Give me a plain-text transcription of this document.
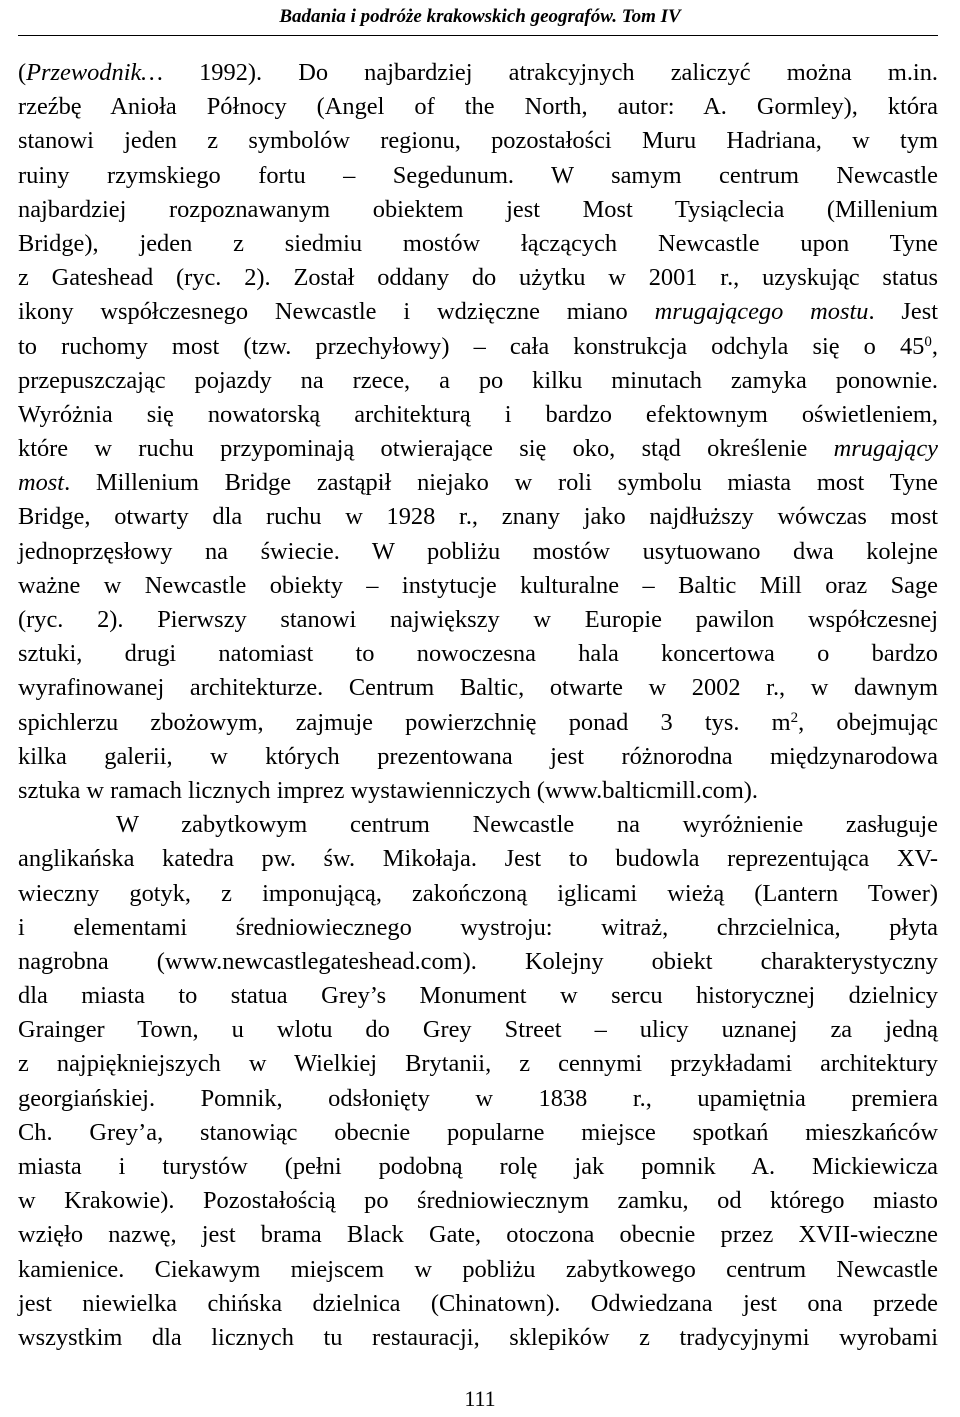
Badania i podróże krakowskich geografów. Tom IV
(Przewodnik… 1992). Do najbardziej atrakcyjnych zaliczyć można m.in.
rzeźbę Anioła Północy (Angel of the North, autor: A. Gormley), która
stanowi jeden z symbolów regionu, pozostałości Muru Hadriana, w tym
ruiny rzymskiego fortu – Segedunum. W samym centrum Newcastle
najbardziej rozpoznawanym obiektem jest Most Tysiąclecia (Millenium
Bridge), jeden z siedmiu mostów łączących Newcastle upon Tyne
z Gateshead (ryc. 2). Został oddany do użytku w 2001 r., uzyskując status
ikony współczesnego Newcastle i wdzięczne miano mrugającego mostu. Jest
to ruchomy most (tzw. przechyłowy) – cała konstrukcja odchyla się o $45^0$,
przepuszczając pojazdy na rzece, a po kilku minutach zamyka ponownie.
Wyróżnia się nowatorską architekturą i bardzo efektownym oświetleniem,
które w ruchu przypominają otwierające się oko, stąd określenie mrugający
most. Millenium Bridge zastąpił niejako w roli symbolu miasta most Tyne
Bridge, otwarty dla ruchu w 1928 r., znany jako najdłuższy wówczas most
jednoprzęsłowy na świecie. W pobliżu mostów usytuowano dwa kolejne
ważne w Newcastle obiekty – instytucje kulturalne – Baltic Mill oraz Sage
(ryc. 2). Pierwszy stanowi największy w Europie pawilon współczesnej
sztuki, drugi natomiast to nowoczesna hala koncertowa o bardzo
wyrafinowanej architekturze. Centrum Baltic, otwarte w 2002 r., w dawnym
spichlerzu zbożowym, zajmuje powierzchnię ponad 3 tys. $m^2$, obejmując
kilka galerii, w których prezentowana jest różnorodna międzynarodowa
sztuka w ramach licznych imprez wystawienniczych (www.balticmill.com).
W zabytkowym centrum Newcastle na wyróżnienie zasługuje
anglikańska katedra pw. św. Mikołaja. Jest to budowla reprezentująca XV-
wieczny gotyk, z imponującą, zakończoną iglicami wieżą (Lantern Tower)
i elementami średniowiecznego wystroju: witraż, chrzcielnica, płyta
nagrobna (www.newcastlegateshead.com). Kolejny obiekt charakterystyczny
dla miasta to statua Grey’s Monument w sercu historycznej dzielnicy
Grainger Town, u wlotu do Grey Street – ulicy uznanej za jedną
z najpiękniejszych w Wielkiej Brytanii, z cennymi przykładami architektury
georgiańskiej. Pomnik, odsłonięty w 1838 r., upamiętnia premiera
Ch. Grey’a, stanowiąc obecnie popularne miejsce spotkań mieszkańców
miasta i turystów (pełni podobną rolę jak pomnik A. Mickiewicza
w Krakowie). Pozostałością po średniowiecznym zamku, od którego miasto
wzięło nazwę, jest brama Black Gate, otoczona obecnie przez XVII-wieczne
kamienice. Ciekawym miejscem w pobliżu zabytkowego centrum Newcastle
jest niewielka chińska dzielnica (Chinatown). Odwiedzana jest ona przede
wszystkim dla licznych tu restauracji, sklepików z tradycyjnymi wyrobami
111
